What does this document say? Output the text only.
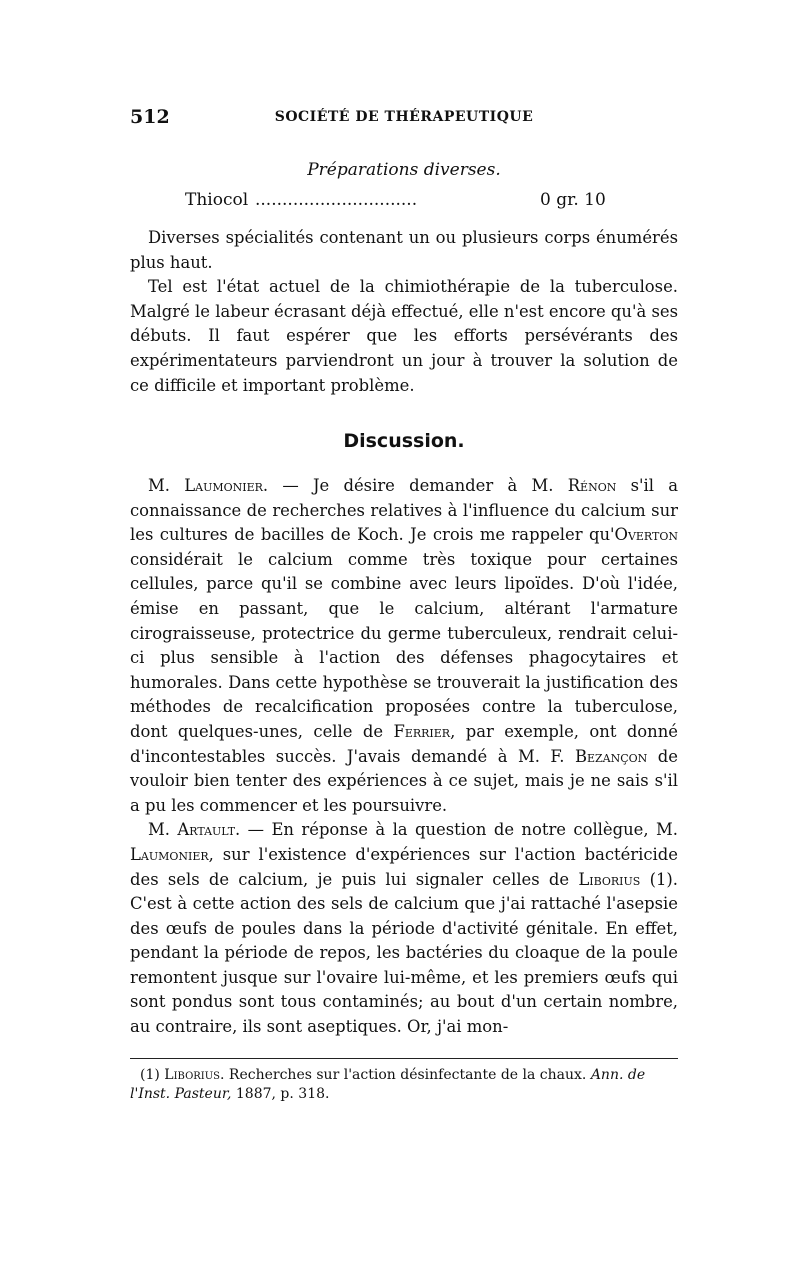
512	SOCIÉTÉ DE THÉRAPEUTIQUE
Préparations diverses.
Thiocol ..............................	0 gr. 10

Diverses spécialités contenant un ou plusieurs corps énumérés plus haut.

Tel est l'état actuel de la chimiothérapie de la tuberculose. Malgré le labeur écrasant déjà effectué, elle n'est encore qu'à ses débuts. Il faut espérer que les efforts persévérants des expérimentateurs parviendront un jour à trouver la solution de ce difficile et important problème.

Discussion.

M. Laumonier. — Je désire demander à M. Rénon s'il a connaissance de recherches relatives à l'influence du calcium sur les cultures de bacilles de Koch. Je crois me rappeler qu'Overton considérait le calcium comme très toxique pour certaines cellules, parce qu'il se combine avec leurs lipoïdes. D'où l'idée, émise en passant, que le calcium, altérant l'armature cirograisseuse, protectrice du germe tuberculeux, rendrait celui-ci plus sensible à l'action des défenses phagocytaires et humorales. Dans cette hypothèse se trouverait la justification des méthodes de recalcification proposées contre la tuberculose, dont quelques-unes, celle de Ferrier, par exemple, ont donné d'incontestables succès. J'avais demandé à M. F. Bezançon de vouloir bien tenter des expériences à ce sujet, mais je ne sais s'il a pu les commencer et les poursuivre.

M. Artault. — En réponse à la question de notre collègue, M. Laumonier, sur l'existence d'expériences sur l'action bactéricide des sels de calcium, je puis lui signaler celles de Liborius (1). C'est à cette action des sels de calcium que j'ai rattaché l'asepsie des œufs de poules dans la période d'activité génitale. En effet, pendant la période de repos, les bactéries du cloaque de la poule remontent jusque sur l'ovaire lui-même, et les premiers œufs qui sont pondus sont tous contaminés; au bout d'un certain nombre, au contraire, ils sont aseptiques. Or, j'ai mon-

(1) Liborius. Recherches sur l'action désinfectante de la chaux. Ann. de l'Inst. Pasteur, 1887, p. 318.
